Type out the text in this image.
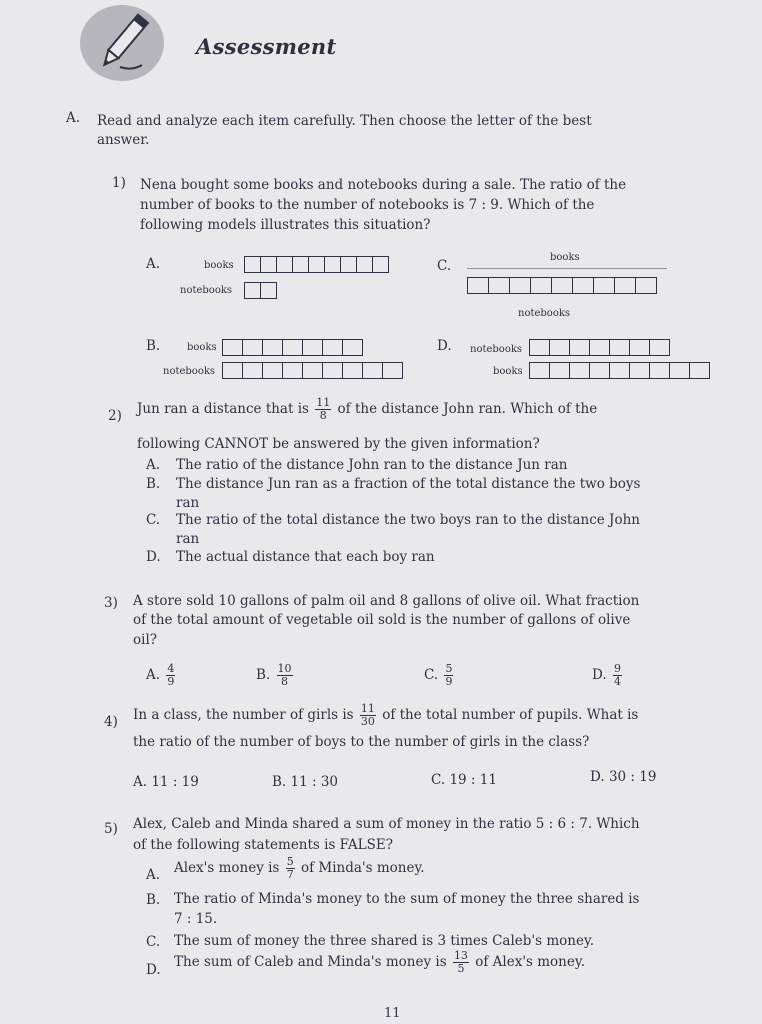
Assessment
A. Read and analyze each item carefully. Then choose the letter of the best
answer.
1) Nena bought some books and notebooks during a sale. The ratio of the
number of books to the number of notebooks is 7 : 9. Which of the
following models illustrates this situation?
A.	books
notebooks
C.
books
notebooks
B.	books
notebooks
D. notebooks
books
2) Jun ran a distance that is $\frac{11}{8}$ of the distance John ran. Which of the
following CANNOT be answered by the given information?
A. The ratio of the distance John ran to the distance Jun ran
B. The distance Jun ran as a fraction of the total distance the two boys
ran
C. The ratio of the total distance the two boys ran to the distance John
ran
D. The actual distance that each boy ran
3) A store sold 10 gallons of palm oil and 8 gallons of olive oil. What fraction
of the total amount of vegetable oil sold is the number of gallons of olive
oil?
A. $\frac{4}{9}$	B. $\frac{10}{8}$	C. $\frac{5}{9}$	D. $\frac{9}{4}$
4) In a class, the number of girls is $\frac{11}{30}$ of the total number of pupils. What is
the ratio of the number of boys to the number of girls in the class?
A. 11 : 19	B. 11 : 30	C. 19 : 11	D. 30 : 19
5) Alex, Caleb and Minda shared a sum of money in the ratio 5 : 6 : 7. Which
of the following statements is FALSE?
A. Alex's money is $\frac{5}{7}$ of Minda's money.
B. The ratio of Minda's money to the sum of money the three shared is
7 : 15.
C. The sum of money the three shared is 3 times Caleb's money.
D. The sum of Caleb and Minda's money is $\frac{13}{5}$ of Alex's money.
11
